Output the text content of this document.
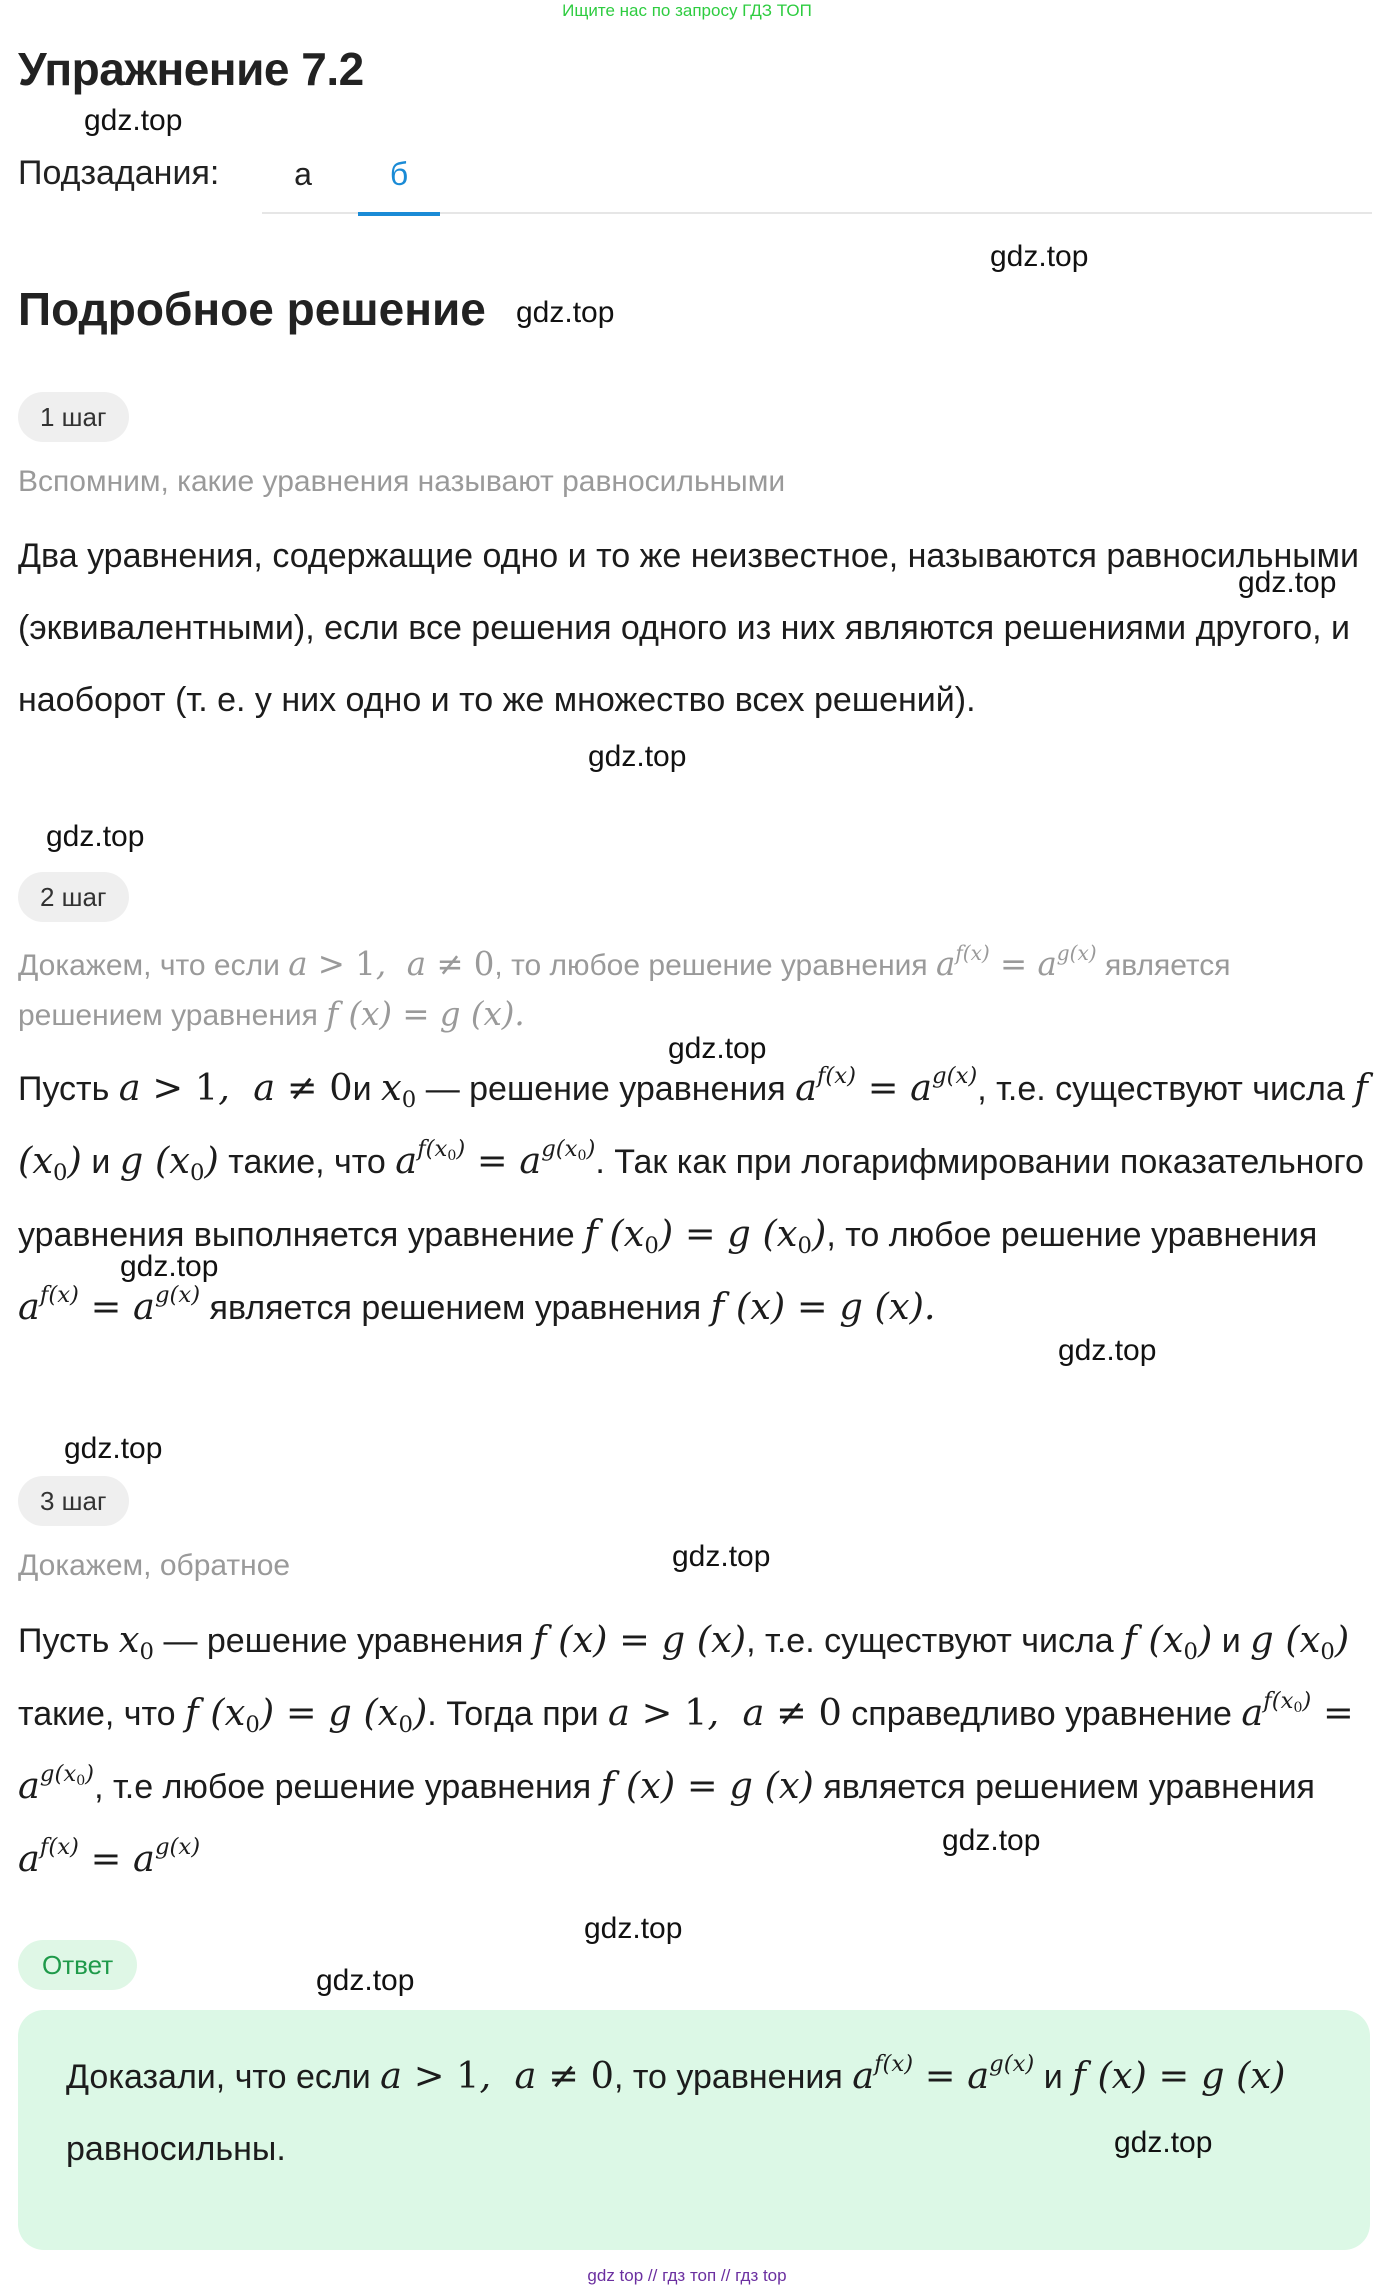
Ищите нас по запросу ГДЗ ТОП
Упражнение 7.2
gdz.top
Подзадания:	а	б
gdz.top
Подробное решение gdz.top
1 шаг
Вспомним, какие уравнения называют равносильными
Два уравнения, содержащие одно и то же неизвестное, называются равносильными (эквивалентными), если все решения одного из них являются решениями другого, и наоборот (т. е. у них одно и то же множество всех решений).
gdz.top
gdz.top
gdz.top
2 шаг
Докажем, что если a > 1,  a ≠ 0, то любое решение уравнения $a^{f(x)} = a^{g(x)}$ является решением уравнения f (x) = g (x).
gdz.top
Пусть a > 1,  a ≠ 0и $x_0$ — решение уравнения $a^{f(x)} = a^{g(x)}$, т.е. существуют числа f $(x_0)$ и g $(x_0)$ такие, что $a^{f(x_0)} = a^{g(x_0)}$. Так как при логарифмировании показательного уравнения выполняется уравнение f $(x_0) = g$ $(x_0)$, то любое решение уравнения $a^{f(x)} = a^{g(x)}$ является решением уравнения f (x) = g (x).
gdz.top
gdz.top
gdz.top
3 шаг
Докажем, обратное	gdz.top
Пусть $x_0$ — решение уравнения f (x) = g (x), т.е. существуют числа f $(x_0)$ и g $(x_0)$ такие, что f $(x_0) = g$ $(x_0)$. Тогда при a > 1,  a ≠ 0 справедливо уравнение $a^{f(x_0)} = a^{g(x_0)}$, т.е любое решение уравнения f (x) = g (x) является решением уравнения $a^{f(x)} = a^{g(x)}$	gdz.top
gdz.top
Ответ	gdz.top
Доказали, что если a > 1,  a ≠ 0, то уравнения $a^{f(x)} = a^{g(x)}$ и f (x) = g (x) равносильны.	gdz.top
gdz top // гдз топ // гдз top
